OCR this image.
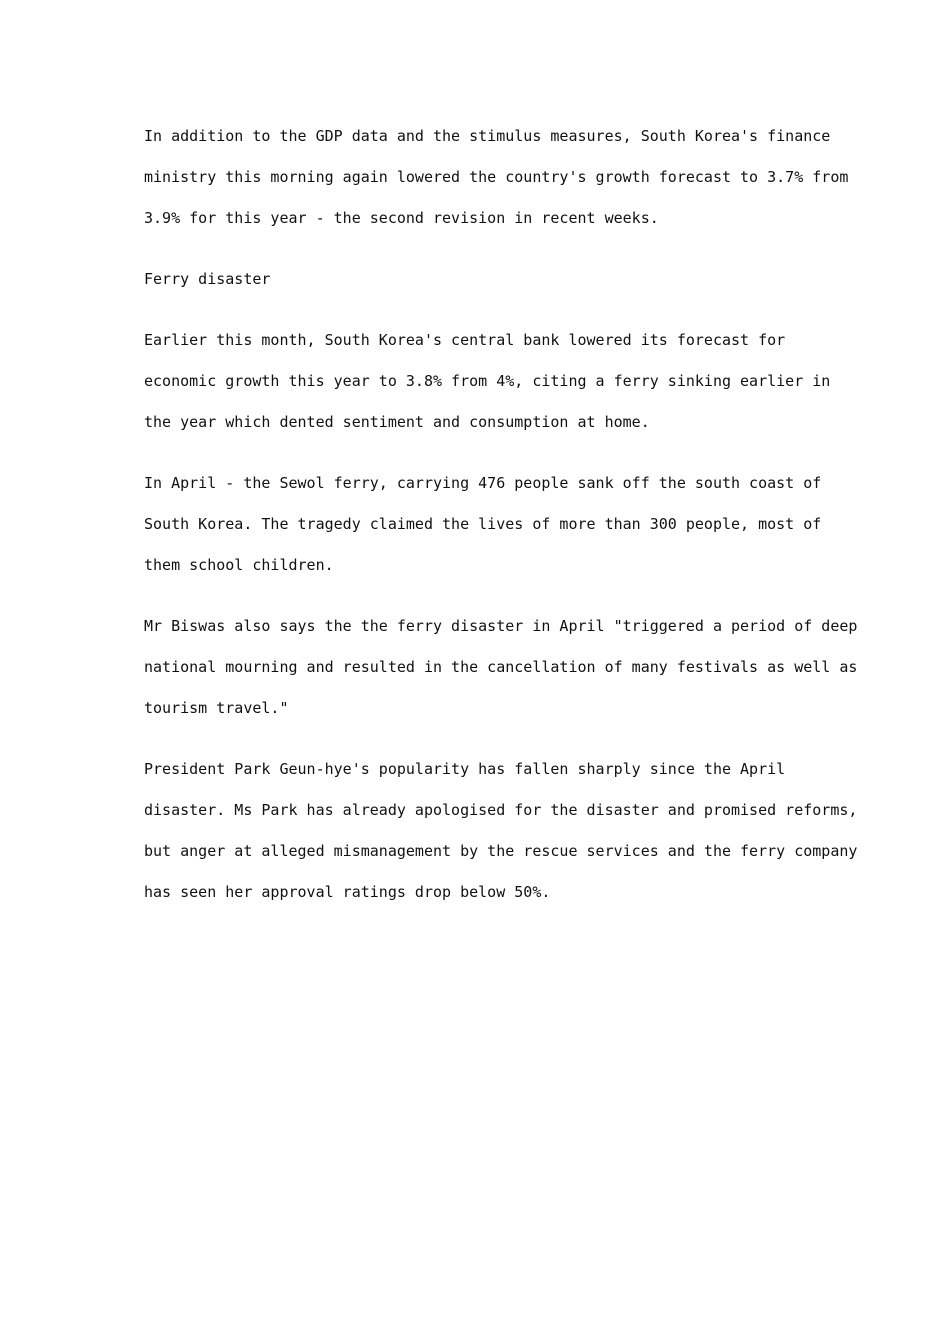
In addition to the GDP data and the stimulus measures, South Korea's finance
ministry this morning again lowered the country's growth forecast to 3.7% from
3.9% for this year - the second revision in recent weeks.

Ferry disaster

Earlier this month, South Korea's central bank lowered its forecast for
economic growth this year to 3.8% from 4%, citing a ferry sinking earlier in
the year which dented sentiment and consumption at home.

In April - the Sewol ferry, carrying 476 people sank off the south coast of
South Korea. The tragedy claimed the lives of more than 300 people, most of
them school children.

Mr Biswas also says the the ferry disaster in April "triggered a period of deep
national mourning and resulted in the cancellation of many festivals as well as
tourism travel."

President Park Geun-hye's popularity has fallen sharply since the April
disaster. Ms Park has already apologised for the disaster and promised reforms,
but anger at alleged mismanagement by the rescue services and the ferry company
has seen her approval ratings drop below 50%.
